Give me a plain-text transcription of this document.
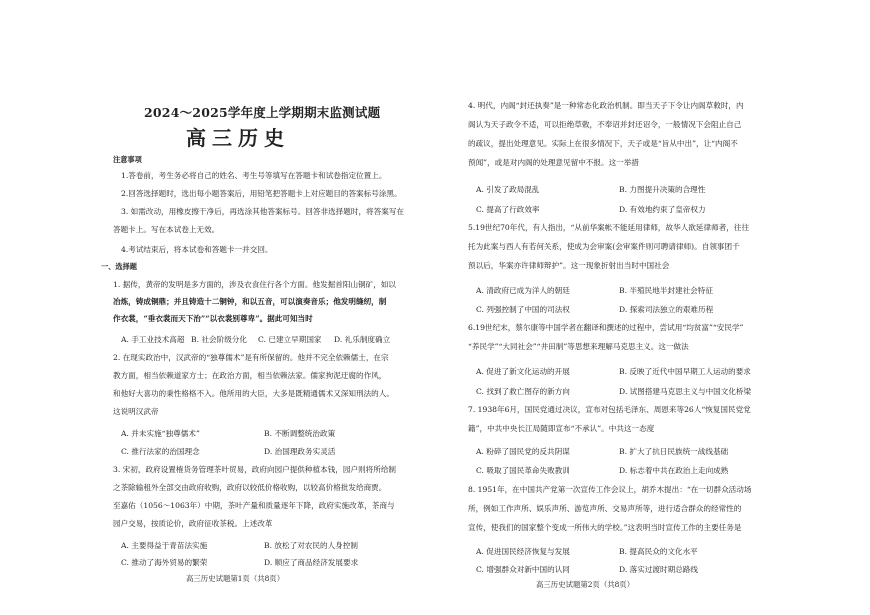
2024～2025学年度上学期期末监测试题
高三历史
注意事项
1.答卷前，考生务必将自己的姓名、考生号等填写在答题卡和试卷指定位置上。
2.回答选择题时，选出每小题答案后，用铅笔把答题卡上对应题目的答案标号涂黑。
3. 如需改动，用橡皮擦干净后，再选涂其他答案标号。回答非选择题时，将答案写在
答题卡上。写在本试卷上无效。
4.考试结束后，将本试卷和答题卡一并交回。
一、选择题
1. 据传，黄帝的发明是多方面的，涉及衣食住行各个方面。他发掘首阳山铜矿，如以
冶炼，铸成铜鼎；并且铸造十二铜钟，和以五音，可以演奏音乐；他发明缝纫，制
作衣裳，“垂衣裳而天下治”“以衣裳别尊卑”。据此可知当时
A. 手工业技术高超 B. 社会阶级分化 C. 已建立早期国家 D. 礼乐制度确立
2. 在现实政治中，汉武帝的“独尊儒术”是有所保留的。他并不完全依赖儒士，在宗
教方面，相当依赖道家方士；在政治方面，相当依赖法家。儒家拘泥迂腐的作风，
和他好大喜功的秉性格格不入。他所用的大臣，大多是既精通儒术又深知刑法的人。
这说明汉武帝
A. 并未实施“独尊儒术”	B. 不断调整统治政策
C. 推行法家的治国理念	D. 治国理政务实灵活
3. 宋初，政府设置榷货务管理茶叶贸易，政府向园户提供种植本钱，园户则将所给制
之茶除输租外全部交由政府收购，政府以较低价格收购，以较高价格批发给商贾。
至嘉佑（1056～1063年）中期，茶叶产量和质量逐年下降，政府实施改革，茶商与
园户交易，按质论价，政府征收茶税。上述改革
A. 主要得益于青苗法实施	B. 放松了对农民的人身控制
C. 推动了海外贸易的繁荣	D. 顺应了商品经济发展要求
高三历史试题第1页（共8页）
4. 明代，内阁“封还执奏”是一种常态化政治机制。即当天子下令让内阁草敕时，内
阁认为天子政令不适，可以拒绝草敕，不奉诏并封还诏令，一般情况下会阻止自己
的疏议，提出处理意见。实际上在很多情况下，天子或是“旨从中出”，让“内阁不
预闻”，或是对内阁的处理意见留中不报。这一举措
A. 引发了政局混乱	B. 力图提升决策的合理性
C. 提高了行政效率	D. 有效地约束了皇帝权力
5.19世纪70年代，有人指出，“从前华案帐不能延用律师，故华人欲延律师者，往往
托为此案与西人有若何关系，使成为会审案(会审案件则可聘请律师)。自领事团千
预以后，华案亦许律师辩护”。这一现象折射出当时中国社会
A. 清政府已成为洋人的朝廷	B. 半殖民地半封建社会特征
C. 列强控制了中国的司法权	D. 探索司法独立的艰难历程
6.19世纪末，蔡尔康等中国学者在翻译和撰述的过程中，尝试用“均贫富”“安民学”
“养民学”“大同社会”“井田制”等思想来理解马克思主义。这一做法
A. 促进了新文化运动的开展	B. 反映了近代中国早期工人运动的要求
C. 找到了救亡图存的新方向	D. 试图搭建马克思主义与中国文化桥梁
7. 1938年6月，国民党通过决议，宣布对包括毛泽东、周恩来等26人“恢复国民党党
籍”，中共中央长江局随即宣布“不承认”。中共这一态度
A. 粉碎了国民党的反共阴谋	B. 扩大了抗日民族统一战线基础
C. 吸取了国民革命失败教训	D. 标志着中共在政治上走向成熟
8. 1951年，在中国共产党第一次宣传工作会议上，胡乔木提出：“在一切群众活动场
所，例如工作声所、娱乐声所、游览声所、交易声所等，进行适合群众的经常性的
宣传，使我们的国家整个变成一所伟大的学校。”这表明当时宣传工作的主要任务是
A. 促进国民经济恢复与发展	B. 提高民众的文化水平
C. 增强群众对新中国的认同	D. 落实过渡时期总路线
高三历史试题第2页（共8页）
